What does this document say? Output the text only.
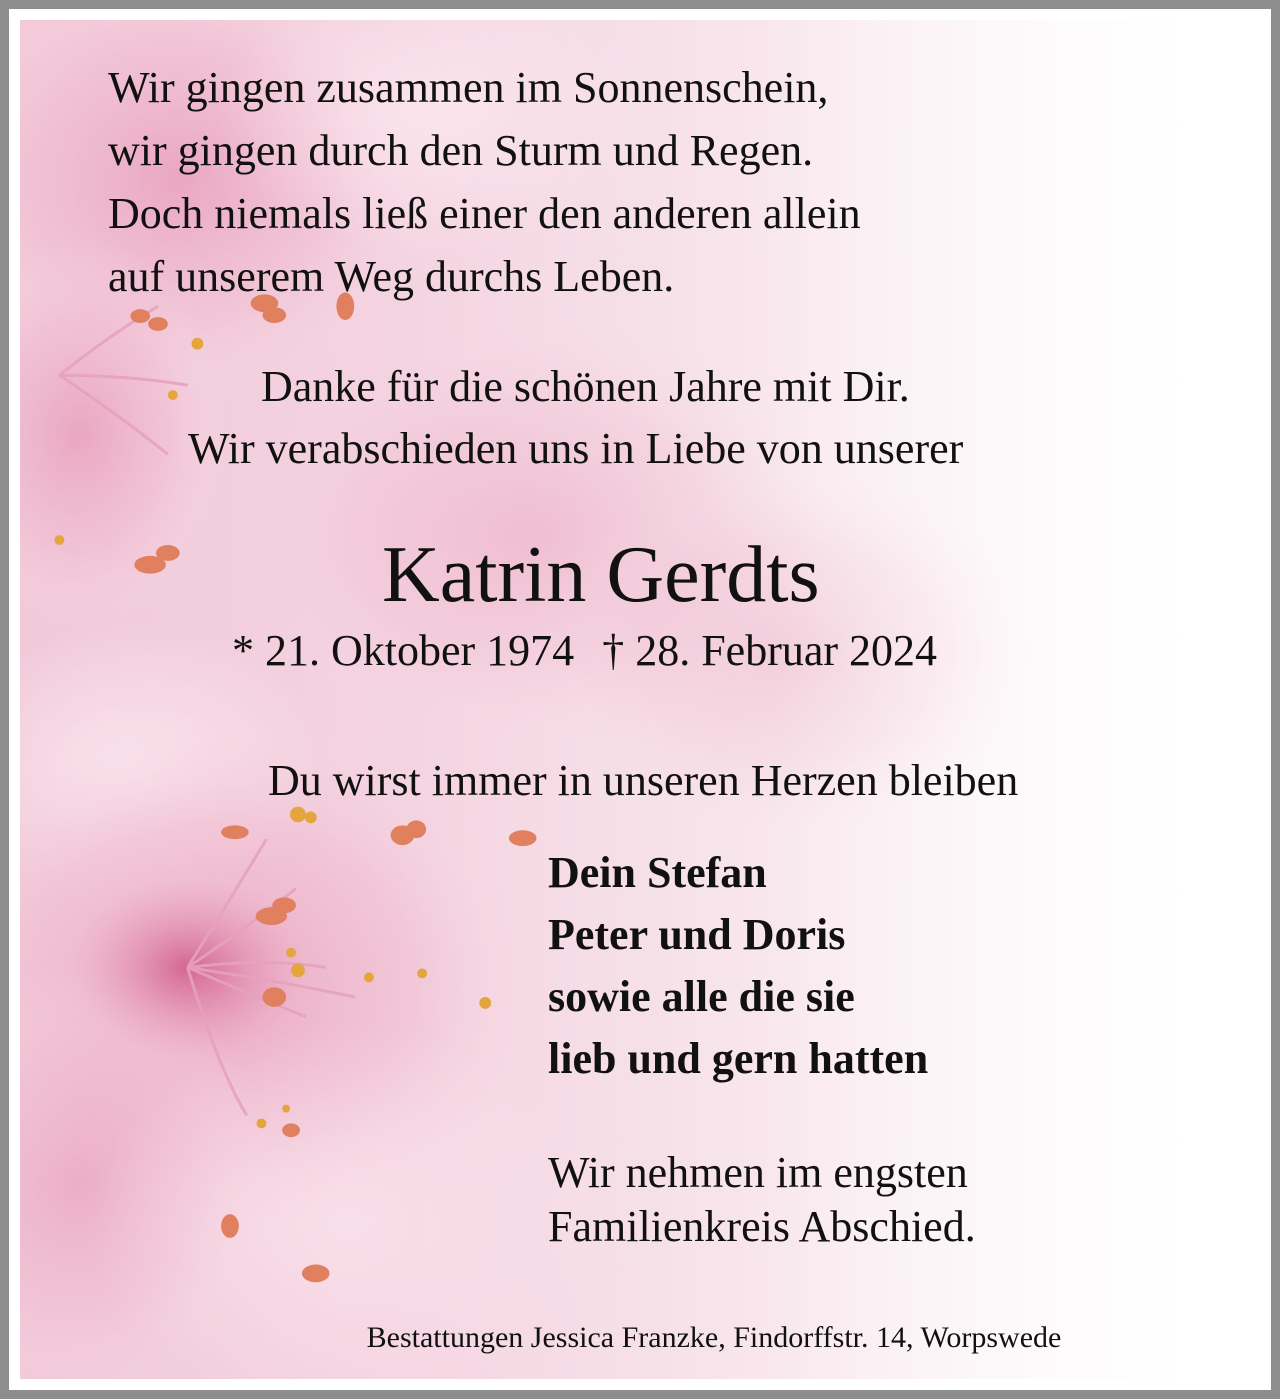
Wir gingen zusammen im Sonnenschein,
wir gingen durch den Sturm und Regen.
Doch niemals ließ einer den anderen allein
auf unserem Weg durchs Leben.
Danke für die schönen Jahre mit Dir.
Wir verabschieden uns in Liebe von unserer
Katrin Gerdts
* 21. Oktober 1974 † 28. Februar 2024
Du wirst immer in unseren Herzen bleiben
Dein Stefan
Peter und Doris
sowie alle die sie
lieb und gern hatten
Wir nehmen im engsten
Familienkreis Abschied.
Bestattungen Jessica Franzke, Findorffstr. 14, Worpswede
